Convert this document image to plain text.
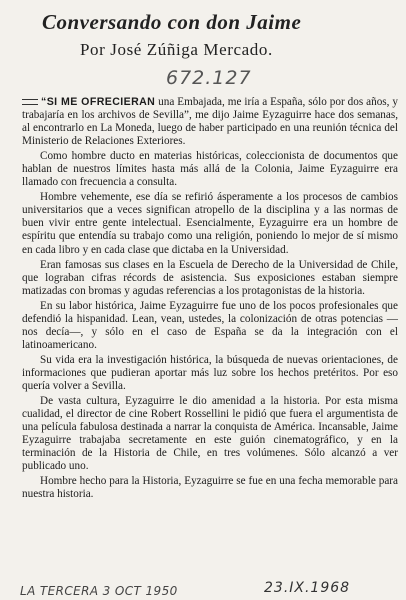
Conversando con don Jaime
Por José Zúñiga Mercado.
672.127

“SI ME OFRECIERAN una Embajada, me iría a España, sólo por dos años, y trabajaría en los archivos de Sevilla”, me dijo Jaime Eyzaguirre hace dos semanas, al encontrarlo en La Moneda, luego de haber participado en una reunión técnica del Ministerio de Relaciones Exteriores.

Como hombre ducto en materias históricas, coleccionista de documentos que hablan de nuestros límites hasta más allá de la Colonia, Jaime Eyzaguirre era llamado con frecuencia a consulta.

Hombre vehemente, ese día se refirió ásperamente a los procesos de cambios universitarios que a veces significan atropello de la disciplina y a las normas de buen vivir entre gente intelectual. Esencialmente, Eyzaguirre era un hombre de espíritu que entendía su trabajo como una religión, poniendo lo mejor de sí mismo en cada libro y en cada clase que dictaba en la Universidad.

Eran famosas sus clases en la Escuela de Derecho de la Universidad de Chile, que lograban cifras récords de asistencia. Sus exposiciones estaban siempre matizadas con bromas y agudas referencias a los protagonistas de la historia.

En su labor histórica, Jaime Eyzaguirre fue uno de los pocos profesionales que defendió la hispanidad. Lean, vean, ustedes, la colonización de otras potencias —nos decía—, y sólo en el caso de España se da la integración con el latinoamericano.

Su vida era la investigación histórica, la búsqueda de nuevas orientaciones, de informaciones que pudieran aportar más luz sobre los hechos pretéritos. Por eso quería volver a Sevilla.

De vasta cultura, Eyzaguirre le dio amenidad a la historia. Por esta misma cualidad, el director de cine Robert Rossellini le pidió que fuera el argumentista de una película fabulosa destinada a narrar la conquista de América. Incansable, Jaime Eyzaguirre trabajaba secretamente en este guión cinematográfico, y en la terminación de la Historia de Chile, en tres volúmenes. Sólo alcanzó a ver publicado uno.

Hombre hecho para la Historia, Eyzaguirre se fue en una fecha memorable para nuestra historia.

LA TERCERA 3 OCT 1950	23.IX.1968
